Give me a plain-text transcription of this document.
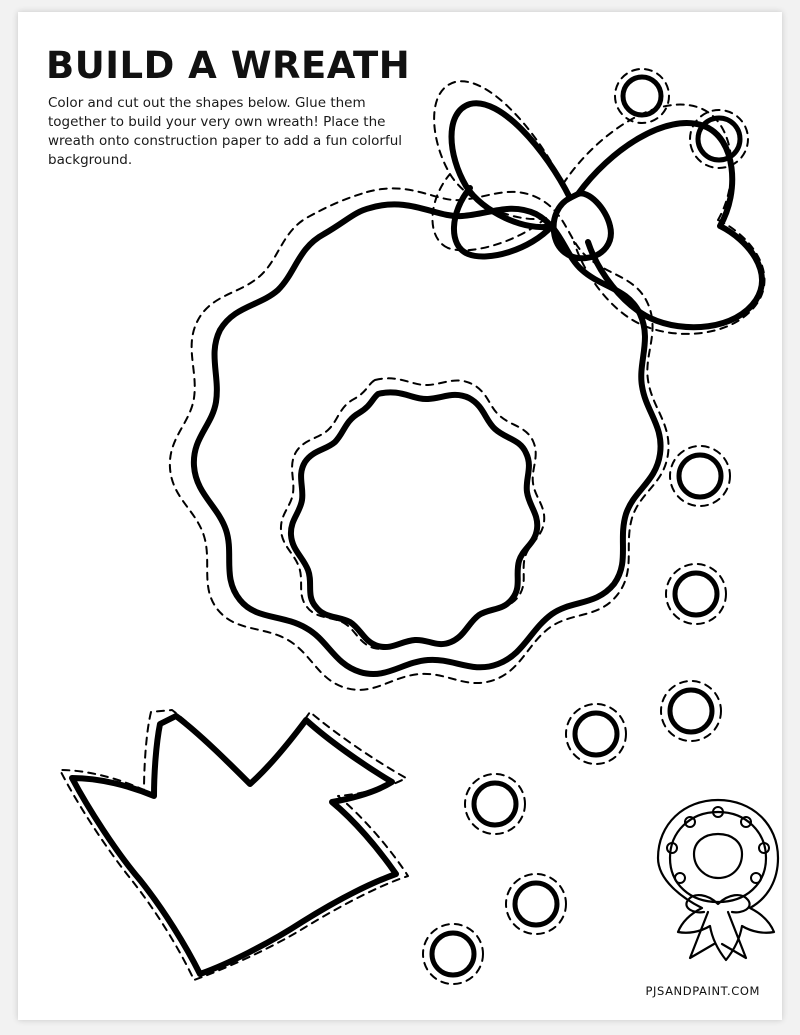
BUILD A WREATH
Color and cut out the shapes below. Glue them together to build your very own wreath! Place the wreath onto construction paper to add a fun colorful background.
PJSANDPAINT.COM
